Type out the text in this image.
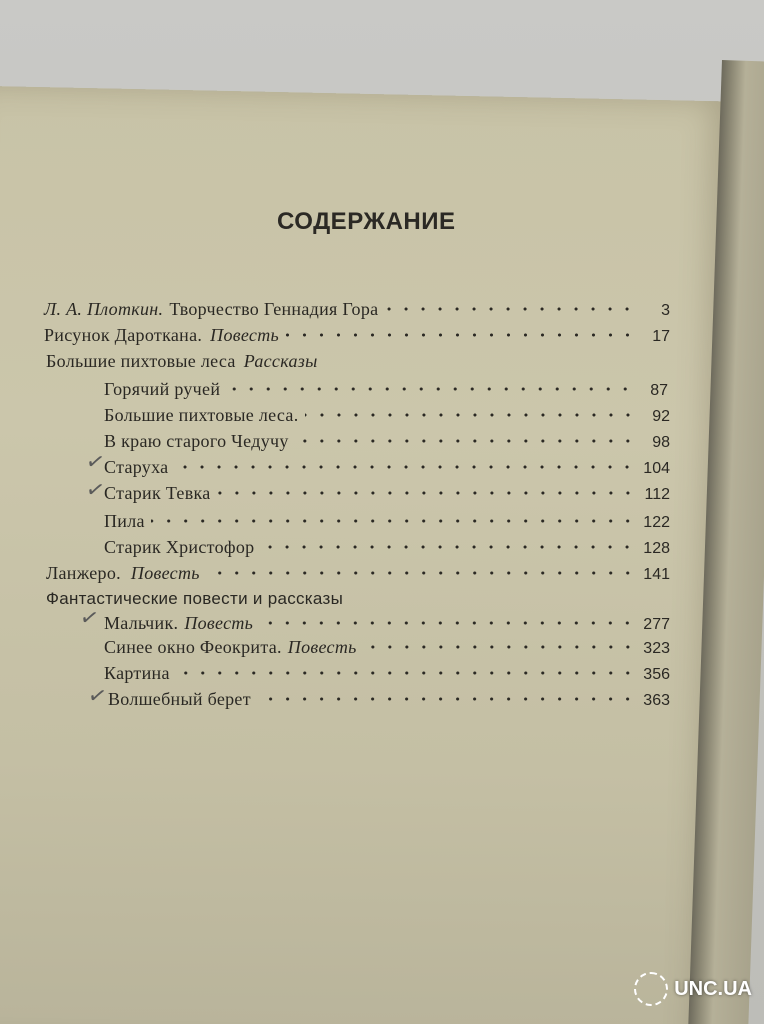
СОДЕРЖАНИЕ
Л. А. Плоткин. Творчество Геннадия Гора	3
Рисунок Дароткана. Повесть	17
Большие пихтовые леса Рассказы
Горячий ручей	87
Большие пихтовые леса.	92
В краю старого Чедучу	98
✓
Старуха	104
✓
Старик Тевка	112
Пила	122
Старик Христофор	128
Ланжеро. Повесть	141
Фантастические повести и рассказы
✓ Мальчик. Повесть	277
Синее окно Феокрита. Повесть	323
Картина	356
✓ Волшебный берет	363
UNC.UA
